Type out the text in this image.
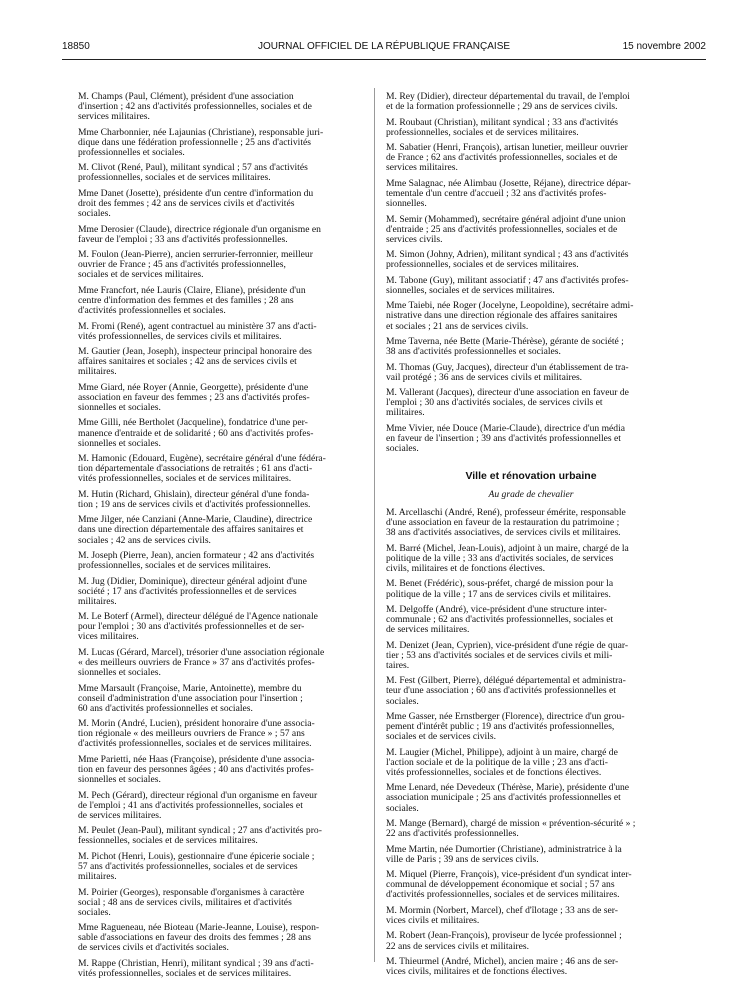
18850	JOURNAL OFFICIEL DE LA RÉPUBLIQUE FRANÇAISE	15 novembre 2002

M. Champs (Paul, Clément), président d'une association
d'insertion ; 42 ans d'activités professionnelles, sociales et de
services militaires.

Mme Charbonnier, née Lajaunias (Christiane), responsable juri-
dique dans une fédération professionnelle ; 25 ans d'activités
professionnelles et sociales.

M. Clivot (René, Paul), militant syndical ; 57 ans d'activités
professionnelles, sociales et de services militaires.

Mme Danet (Josette), présidente d'un centre d'information du
droit des femmes ; 42 ans de services civils et d'activités
sociales.

Mme Derosier (Claude), directrice régionale d'un organisme en
faveur de l'emploi ; 33 ans d'activités professionnelles.

M. Foulon (Jean-Pierre), ancien serrurier-ferronnier, meilleur
ouvrier de France ; 45 ans d'activités professionnelles,
sociales et de services militaires.

Mme Francfort, née Lauris (Claire, Eliane), présidente d'un
centre d'information des femmes et des familles ; 28 ans
d'activités professionnelles et sociales.

M. Fromi (René), agent contractuel au ministère 37 ans d'acti-
vités professionnelles, de services civils et militaires.

M. Gautier (Jean, Joseph), inspecteur principal honoraire des
affaires sanitaires et sociales ; 42 ans de services civils et
militaires.

Mme Giard, née Royer (Annie, Georgette), présidente d'une
association en faveur des femmes ; 23 ans d'activités profes-
sionnelles et sociales.

Mme Gilli, née Bertholet (Jacqueline), fondatrice d'une per-
manence d'entraide et de solidarité ; 60 ans d'activités profes-
sionnelles et sociales.

M. Hamonic (Edouard, Eugène), secrétaire général d'une fédéra-
tion départementale d'associations de retraités ; 61 ans d'acti-
vités professionnelles, sociales et de services militaires.

M. Hutin (Richard, Ghislain), directeur général d'une fonda-
tion ; 19 ans de services civils et d'activités professionnelles.

Mme Jilger, née Canziani (Anne-Marie, Claudine), directrice
dans une direction départementale des affaires sanitaires et
sociales ; 42 ans de services civils.

M. Joseph (Pierre, Jean), ancien formateur ; 42 ans d'activités
professionnelles, sociales et de services militaires.

M. Jug (Didier, Dominique), directeur général adjoint d'une
société ; 17 ans d'activités professionnelles et de services
militaires.

M. Le Boterf (Armel), directeur délégué de l'Agence nationale
pour l'emploi ; 30 ans d'activités professionnelles et de ser-
vices militaires.

M. Lucas (Gérard, Marcel), trésorier d'une association régionale
« des meilleurs ouvriers de France » 37 ans d'activités profes-
sionnelles et sociales.

Mme Marsault (Françoise, Marie, Antoinette), membre du
conseil d'administration d'une association pour l'insertion ;
60 ans d'activités professionnelles et sociales.

M. Morin (André, Lucien), président honoraire d'une associa-
tion régionale « des meilleurs ouvriers de France » ; 57 ans
d'activités professionnelles, sociales et de services militaires.

Mme Parietti, née Haas (Françoise), présidente d'une associa-
tion en faveur des personnes âgées ; 40 ans d'activités profes-
sionnelles et sociales.

M. Pech (Gérard), directeur régional d'un organisme en faveur
de l'emploi ; 41 ans d'activités professionnelles, sociales et
de services militaires.

M. Peulet (Jean-Paul), militant syndical ; 27 ans d'activités pro-
fessionnelles, sociales et de services militaires.

M. Pichot (Henri, Louis), gestionnaire d'une épicerie sociale ;
57 ans d'activités professionnelles, sociales et de services
militaires.

M. Poirier (Georges), responsable d'organismes à caractère
social ; 48 ans de services civils, militaires et d'activités
sociales.

Mme Ragueneau, née Bioteau (Marie-Jeanne, Louise), respon-
sable d'associations en faveur des droits des femmes ; 28 ans
de services civils et d'activités sociales.

M. Rappe (Christian, Henri), militant syndical ; 39 ans d'acti-
vités professionnelles, sociales et de services militaires.

M. Rey (Didier), directeur départemental du travail, de l'emploi
et de la formation professionnelle ; 29 ans de services civils.

M. Roubaut (Christian), militant syndical ; 33 ans d'activités
professionnelles, sociales et de services militaires.

M. Sabatier (Henri, François), artisan lunetier, meilleur ouvrier
de France ; 62 ans d'activités professionnelles, sociales et de
services militaires.

Mme Salagnac, née Alimbau (Josette, Réjane), directrice dépar-
tementale d'un centre d'accueil ; 32 ans d'activités profes-
sionnelles.

M. Semir (Mohammed), secrétaire général adjoint d'une union
d'entraide ; 25 ans d'activités professionnelles, sociales et de
services civils.

M. Simon (Johny, Adrien), militant syndical ; 43 ans d'activités
professionnelles, sociales et de services militaires.

M. Tabone (Guy), militant associatif ; 47 ans d'activités profes-
sionnelles, sociales et de services militaires.

Mme Taiebi, née Roger (Jocelyne, Leopoldine), secrétaire admi-
nistrative dans une direction régionale des affaires sanitaires
et sociales ; 21 ans de services civils.

Mme Taverna, née Bette (Marie-Thérèse), gérante de société ;
38 ans d'activités professionnelles et sociales.

M. Thomas (Guy, Jacques), directeur d'un établissement de tra-
vail protégé ; 36 ans de services civils et militaires.

M. Vallerant (Jacques), directeur d'une association en faveur de
l'emploi ; 30 ans d'activités sociales, de services civils et
militaires.

Mme Vivier, née Douce (Marie-Claude), directrice d'un média
en faveur de l'insertion ; 39 ans d'activités professionnelles et
sociales.

Ville et rénovation urbaine
Au grade de chevalier

M. Arcellaschi (André, René), professeur émérite, responsable
d'une association en faveur de la restauration du patrimoine ;
38 ans d'activités associatives, de services civils et militaires.

M. Barré (Michel, Jean-Louis), adjoint à un maire, chargé de la
politique de la ville ; 33 ans d'activités sociales, de services
civils, militaires et de fonctions électives.

M. Benet (Frédéric), sous-préfet, chargé de mission pour la
politique de la ville ; 17 ans de services civils et militaires.

M. Delgoffe (André), vice-président d'une structure inter-
communale ; 62 ans d'activités professionnelles, sociales et
de services militaires.

M. Denizet (Jean, Cyprien), vice-président d'une régie de quar-
tier ; 53 ans d'activités sociales et de services civils et mili-
taires.

M. Fest (Gilbert, Pierre), délégué départemental et administra-
teur d'une association ; 60 ans d'activités professionnelles et
sociales.

Mme Gasser, née Ernstberger (Florence), directrice d'un grou-
pement d'intérêt public ; 19 ans d'activités professionnelles,
sociales et de services civils.

M. Laugier (Michel, Philippe), adjoint à un maire, chargé de
l'action sociale et de la politique de la ville ; 23 ans d'acti-
vités professionnelles, sociales et de fonctions électives.

Mme Lenard, née Devedeux (Thérèse, Marie), présidente d'une
association municipale ; 25 ans d'activités professionnelles et
sociales.

M. Mange (Bernard), chargé de mission « prévention-sécurité » ;
22 ans d'activités professionnelles.

Mme Martin, née Dumortier (Christiane), administratrice à la
ville de Paris ; 39 ans de services civils.

M. Miquel (Pierre, François), vice-président d'un syndicat inter-
communal de développement économique et social ; 57 ans
d'activités professionnelles, sociales et de services militaires.

M. Mormin (Norbert, Marcel), chef d'îlotage ; 33 ans de ser-
vices civils et militaires.

M. Robert (Jean-François), proviseur de lycée professionnel ;
22 ans de services civils et militaires.

M. Thieurmel (André, Michel), ancien maire ; 46 ans de ser-
vices civils, militaires et de fonctions électives.
